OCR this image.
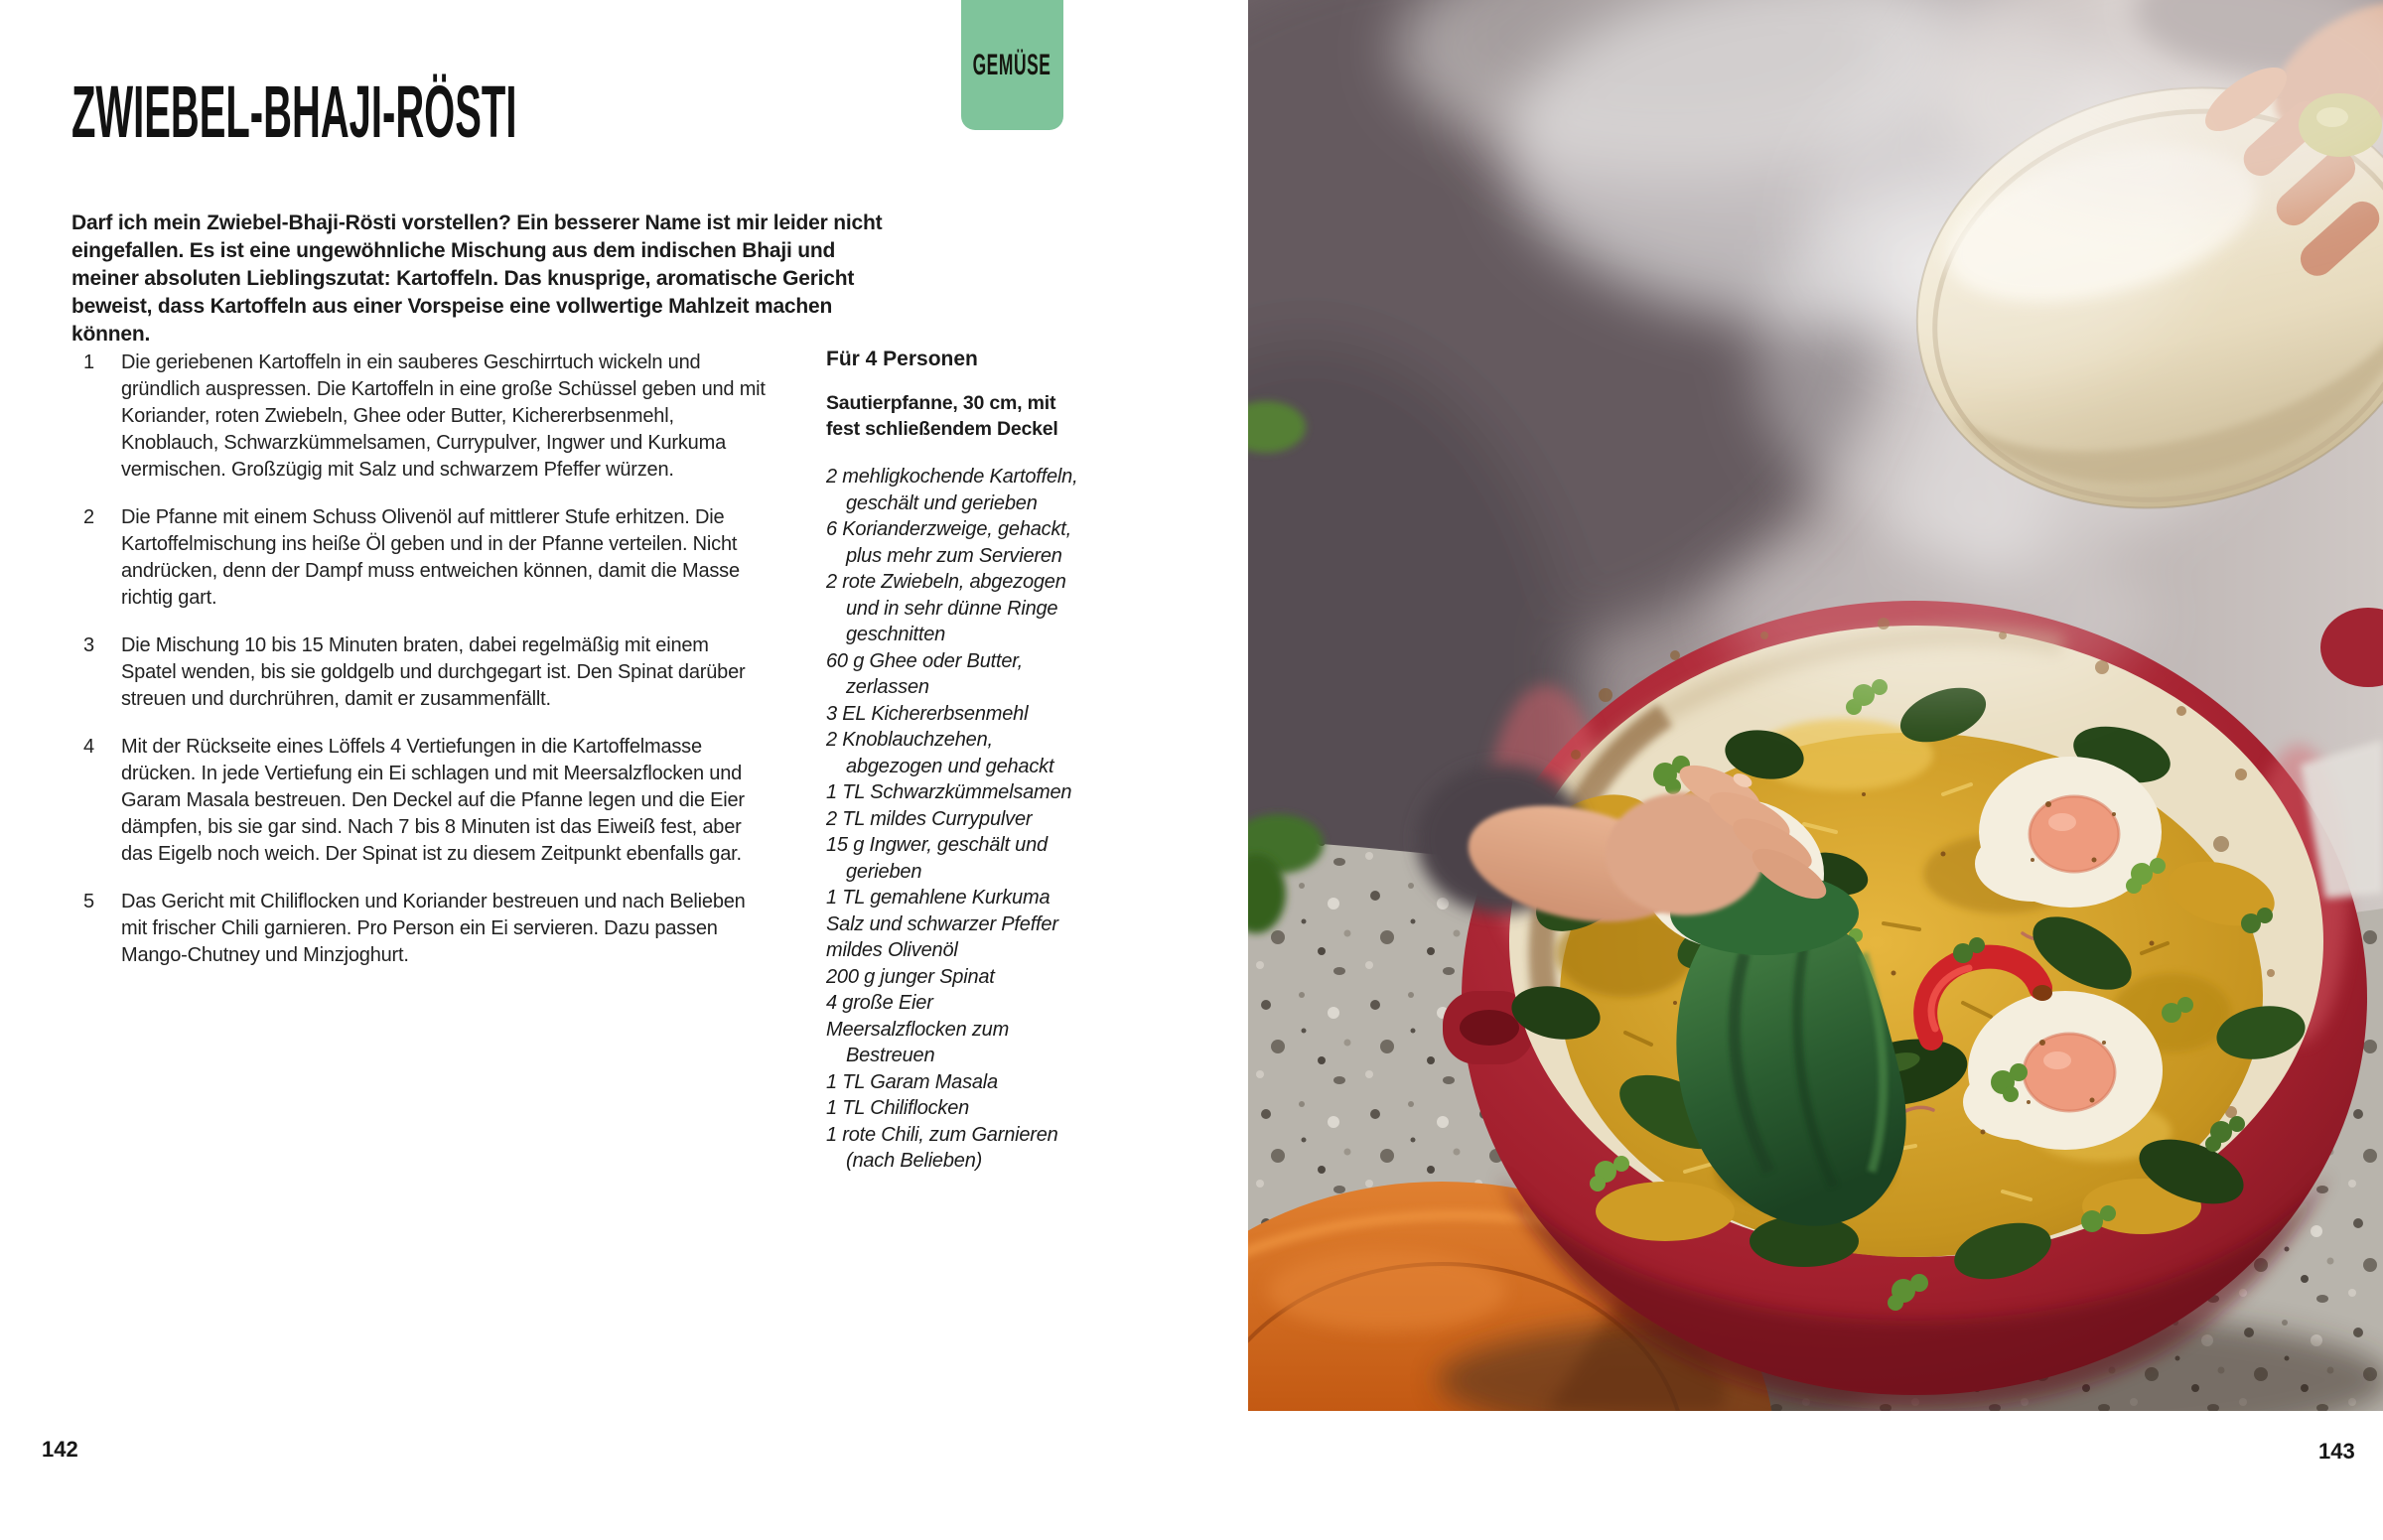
GEMÜSE
ZWIEBEL-BHAJI-RÖSTI

Darf ich mein Zwiebel-Bhaji-Rösti vorstellen? Ein besserer Name ist mir leider nicht eingefallen. Es ist eine ungewöhnliche Mischung aus dem indischen Bhaji und meiner absoluten Lieblingszutat: Kartoffeln. Das knusprige, aromatische Gericht beweist, dass Kartoffeln aus einer Vorspeise eine vollwertige Mahlzeit machen können.

1	Die geriebenen Kartoffeln in ein sauberes Geschirrtuch wickeln und gründlich auspressen. Die Kartoffeln in eine große Schüssel geben und mit Koriander, roten Zwiebeln, Ghee oder Butter, Kichererbsenmehl, Knoblauch, Schwarzkümmelsamen, Currypulver, Ingwer und Kurkuma vermischen. Großzügig mit Salz und schwarzem Pfeffer würzen.
2	Die Pfanne mit einem Schuss Olivenöl auf mittlerer Stufe erhitzen. Die Kartoffelmischung ins heiße Öl geben und in der Pfanne verteilen. Nicht andrücken, denn der Dampf muss entweichen können, damit die Masse richtig gart.
3	Die Mischung 10 bis 15 Minuten braten, dabei regelmäßig mit einem Spatel wenden, bis sie goldgelb und durchgegart ist. Den Spinat darüber streuen und durchrühren, damit er zusammenfällt.
4	Mit der Rückseite eines Löffels 4 Vertiefungen in die Kartoffelmasse drücken. In jede Vertiefung ein Ei schlagen und mit Meersalzflocken und Garam Masala bestreuen. Den Deckel auf die Pfanne legen und die Eier dämpfen, bis sie gar sind. Nach 7 bis 8 Minuten ist das Eiweiß fest, aber das Eigelb noch weich. Der Spinat ist zu diesem Zeitpunkt ebenfalls gar.
5	Das Gericht mit Chiliflocken und Koriander bestreuen und nach Belieben mit frischer Chili garnieren. Pro Person ein Ei servieren. Dazu passen Mango-Chutney und Minzjoghurt.

Für 4 Personen

Sautierpfanne, 30 cm, mit fest schließendem Deckel

2 mehligkochende Kartoffeln, geschält und gerieben
6 Korianderzweige, gehackt, plus mehr zum Servieren
2 rote Zwiebeln, abgezogen und in sehr dünne Ringe geschnitten
60 g Ghee oder Butter, zerlassen
3 EL Kichererbsenmehl
2 Knoblauchzehen, abgezogen und gehackt
1 TL Schwarzkümmelsamen
2 TL mildes Currypulver
15 g Ingwer, geschält und gerieben
1 TL gemahlene Kurkuma
Salz und schwarzer Pfeffer
mildes Olivenöl
200 g junger Spinat
4 große Eier
Meersalzflocken zum Bestreuen
1 TL Garam Masala
1 TL Chiliflocken
1 rote Chili, zum Garnieren (nach Belieben)
142	143
